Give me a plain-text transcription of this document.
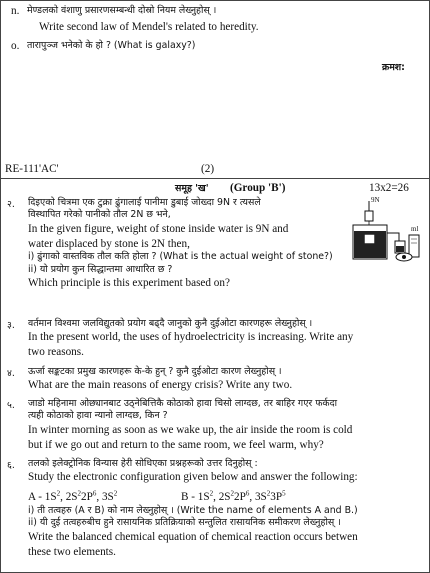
n. मेण्डलको वंशाणु प्रसारणसम्बन्धी दोस्रो नियम लेख्नुहोस् ।
Write second law of Mendel's related to heredity.
o. तारापुञ्ज भनेको के हो ? (What is galaxy?)
क्रमश:
RE-111'AC'	(2)
समूह 'ख' (Group 'B')	13x2=26
9N
ml
२. दिइएको चित्रमा एक टुक्रा ढुंगालाई पानीमा डुबाई जोख्दा 9N र त्यसले
विस्थापित गरेको पानीको तौल 2N छ भने,
In the given figure, weight of stone inside water is 9N and
water displaced by stone is 2N then,
i) ढुंगाको वास्तविक तौल कति होला ? (What is the actual weight of stone?)
ii) यो प्रयोग कुन सिद्धान्तमा आधारित छ ?
Which principle is this experiment based on?
३. वर्तमान विश्वमा जलविद्युतको प्रयोग बढ्दै जानुको कुनै दुईओटा कारणहरू लेख्नुहोस् ।
In the present world, the uses of hydroelectricity is increasing. Write any
two reasons.
४. ऊर्जा सङ्कटका प्रमुख कारणहरू के-के हुन् ? कुनै दुईओटा कारण लेख्नुहोस् ।
What are the main reasons of energy crisis? Write any two.
५. जाडो महिनामा ओछ्यानबाट उठ्नेबित्तिकै कोठाको हावा चिसो लाग्दछ, तर बाहिर गएर फर्कदा
त्यही कोठाको हावा न्यानो लाग्दछ, किन ?
In winter morning as soon as we wake up, the air inside the room is cold
but if we go out and return to the same room, we feel warm, why?
६. तलको इलेक्ट्रोनिक विन्यास हेरी सोधिएका प्रश्नहरूको उत्तर दिनुहोस् :
Study the electronic configuration given below and answer the following:
A - $1S^2$, $2S^22P^6$, $3S^2$	B - $1S^2$, $2S^22P^6$, $3S^23P^5$
i) ती तत्वहरु (A र B) को नाम लेख्नुहोस् । (Write the name of elements A and B.)
ii) यी दुई तत्वहरुबीच हुने रासायनिक प्रतिक्रियाको सन्तुलित रासायनिक समीकरण लेख्नुहोस् ।
Write the balanced chemical equation of chemical reaction occurs betwen
these two elements.
